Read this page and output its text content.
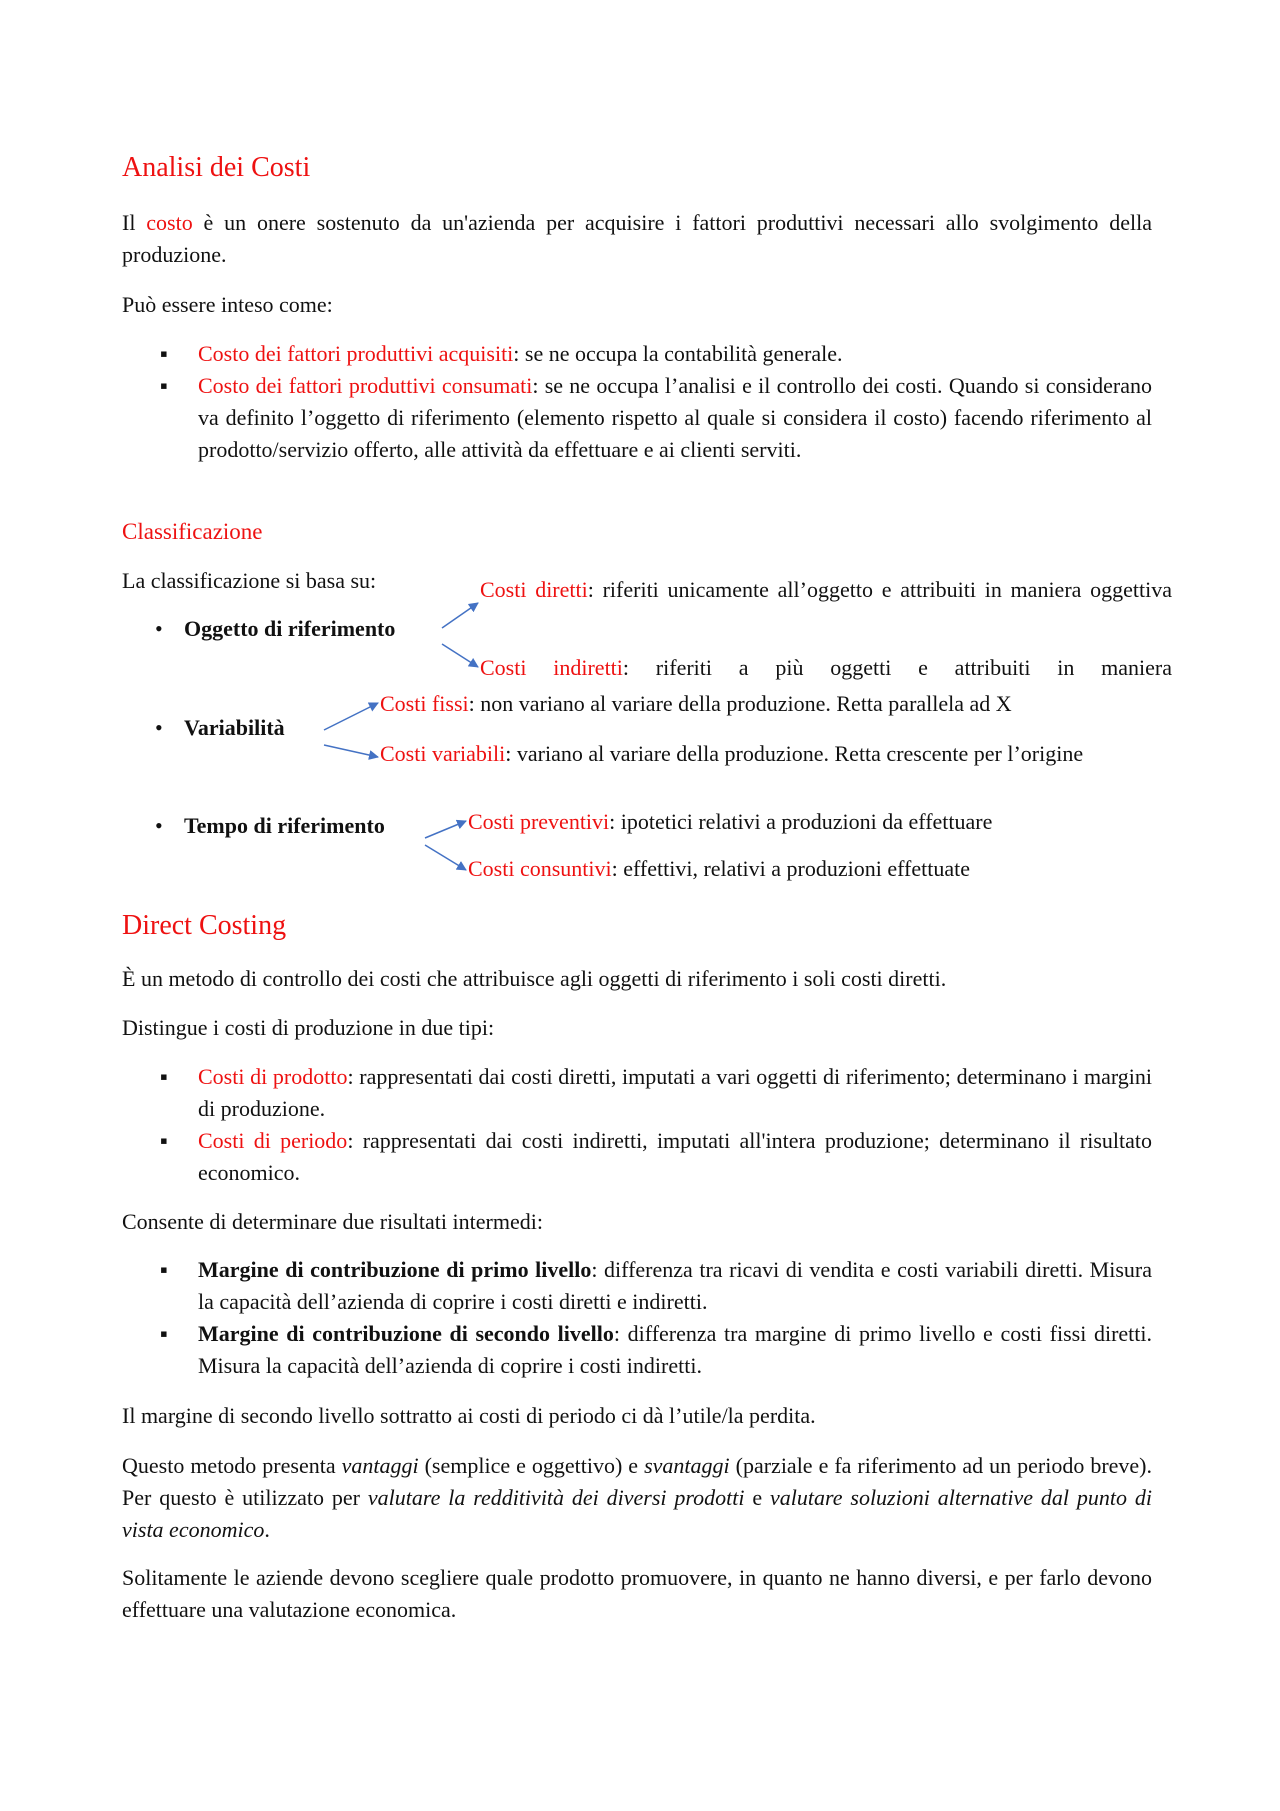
Analisi dei Costi
Il costo è un onere sostenuto da un'azienda per acquisire i fattori produttivi necessari allo svolgimento della produzione.
Può essere inteso come:
▪ Costo dei fattori produttivi acquisiti: se ne occupa la contabilità generale.
▪ Costo dei fattori produttivi consumati: se ne occupa l’analisi e il controllo dei costi. Quando si considerano va definito l’oggetto di riferimento (elemento rispetto al quale si considera il costo) facendo riferimento al prodotto/servizio offerto, alle attività da effettuare e ai clienti serviti.
Classificazione
La classificazione si basa su:
• Oggetto di riferimento
Costi diretti: riferiti unicamente all’oggetto e attribuiti in maniera oggettiva
Costi indiretti: riferiti a più oggetti e attribuiti in maniera
• Variabilità
Costi fissi: non variano al variare della produzione. Retta parallela ad X
Costi variabili: variano al variare della produzione. Retta crescente per l’origine
• Tempo di riferimento	Costi preventivi: ipotetici relativi a produzioni da effettuare
Costi consuntivi: effettivi, relativi a produzioni effettuate
Direct Costing
È un metodo di controllo dei costi che attribuisce agli oggetti di riferimento i soli costi diretti.
Distingue i costi di produzione in due tipi:
▪ Costi di prodotto: rappresentati dai costi diretti, imputati a vari oggetti di riferimento; determinano i margini di produzione.
▪ Costi di periodo: rappresentati dai costi indiretti, imputati all'intera produzione; determinano il risultato economico.
Consente di determinare due risultati intermedi:
▪ Margine di contribuzione di primo livello: differenza tra ricavi di vendita e costi variabili diretti. Misura la capacità dell’azienda di coprire i costi diretti e indiretti.
▪ Margine di contribuzione di secondo livello: differenza tra margine di primo livello e costi fissi diretti. Misura la capacità dell’azienda di coprire i costi indiretti.
Il margine di secondo livello sottratto ai costi di periodo ci dà l’utile/la perdita.
Questo metodo presenta vantaggi (semplice e oggettivo) e svantaggi (parziale e fa riferimento ad un periodo breve). Per questo è utilizzato per valutare la redditività dei diversi prodotti e valutare soluzioni alternative dal punto di vista economico.
Solitamente le aziende devono scegliere quale prodotto promuovere, in quanto ne hanno diversi, e per farlo devono effettuare una valutazione economica.
